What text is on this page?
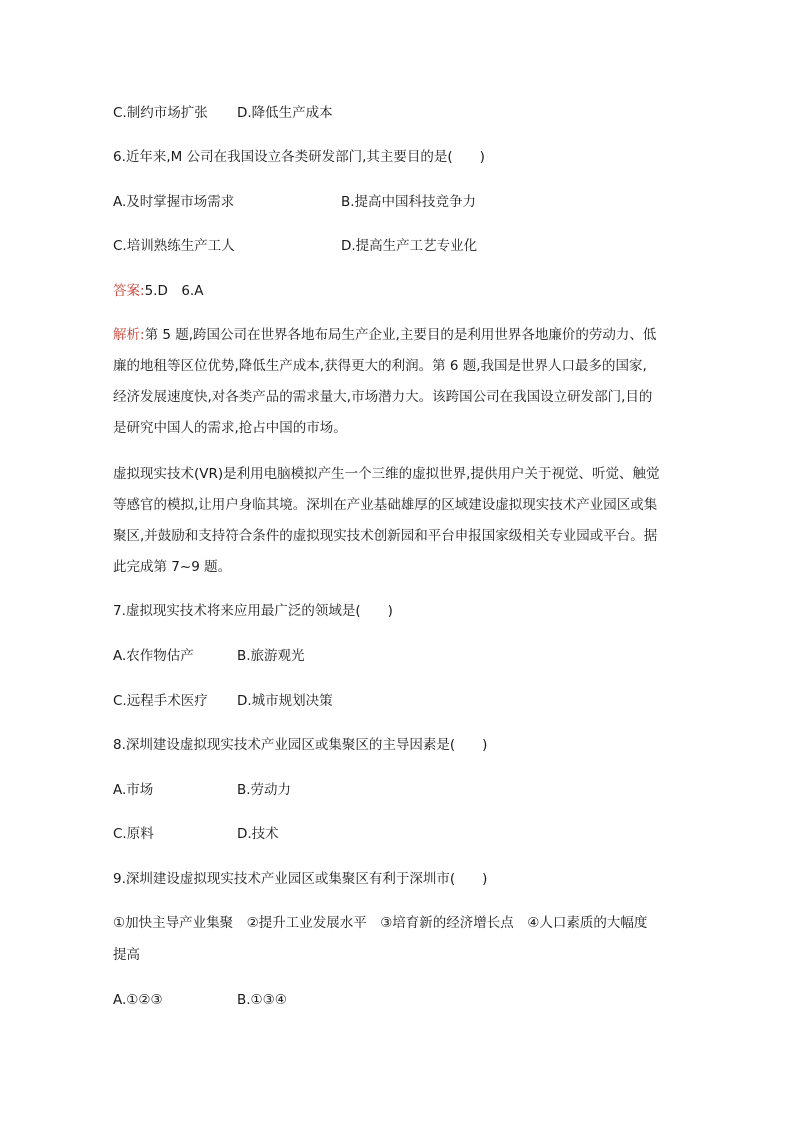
C.制约市场扩张 D.降低生产成本
6.近年来,M 公司在我国设立各类研发部门,其主要目的是(　　)
A.及时掌握市场需求	B.提高中国科技竞争力
C.培训熟练生产工人	D.提高生产工艺专业化
答案:5.D　6.A
解析:第 5 题,跨国公司在世界各地布局生产企业,主要目的是利用世界各地廉价的劳动力、低
廉的地租等区位优势,降低生产成本,获得更大的利润。第 6 题,我国是世界人口最多的国家,
经济发展速度快,对各类产品的需求量大,市场潜力大。该跨国公司在我国设立研发部门,目的
是研究中国人的需求,抢占中国的市场。
虚拟现实技术(VR)是利用电脑模拟产生一个三维的虚拟世界,提供用户关于视觉、听觉、触觉
等感官的模拟,让用户身临其境。深圳在产业基础雄厚的区域建设虚拟现实技术产业园区或集
聚区,并鼓励和支持符合条件的虚拟现实技术创新园和平台申报国家级相关专业园或平台。据
此完成第 7~9 题。
7.虚拟现实技术将来应用最广泛的领域是(　　)
A.农作物估产	B.旅游观光
C.远程手术医疗 D.城市规划决策
8.深圳建设虚拟现实技术产业园区或集聚区的主导因素是(　　)
A.市场	B.劳动力
C.原料	D.技术
9.深圳建设虚拟现实技术产业园区或集聚区有利于深圳市(　　)
①加快主导产业集聚　②提升工业发展水平　③培育新的经济增长点　④人口素质的大幅度
提高
A.①②③	B.①③④
